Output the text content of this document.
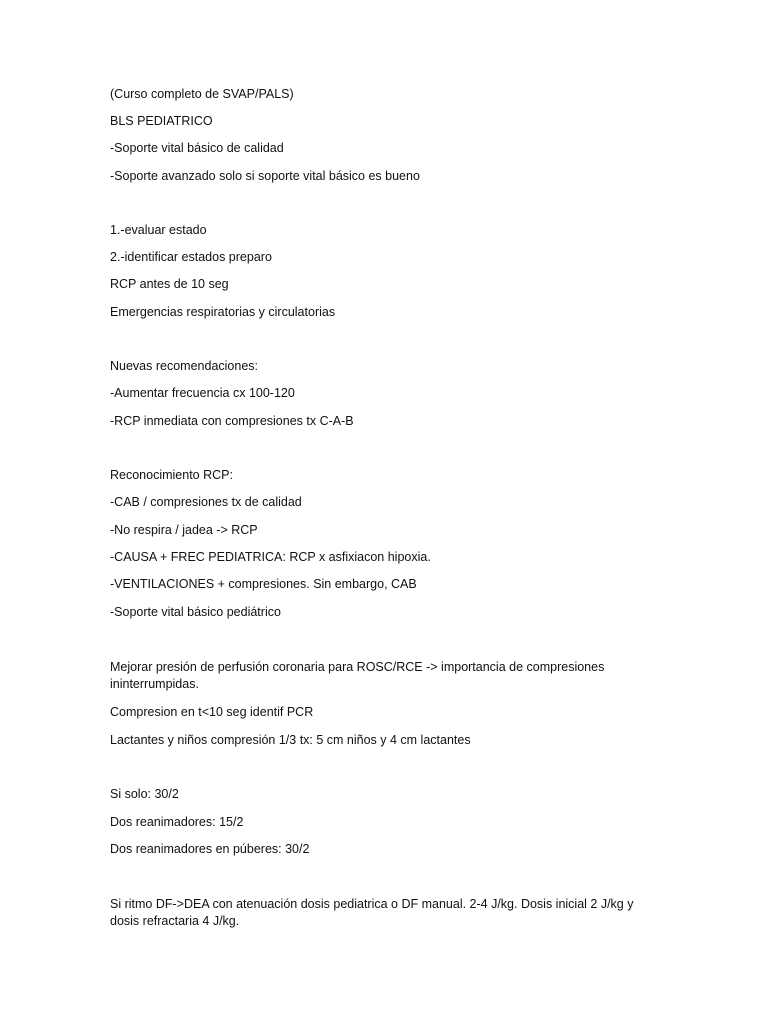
(Curso completo de SVAP/PALS)
BLS PEDIATRICO
-Soporte vital básico de calidad
-Soporte avanzado solo si soporte vital básico es bueno
1.-evaluar estado
2.-identificar estados preparo
RCP antes de 10 seg
Emergencias respiratorias y circulatorias
Nuevas recomendaciones:
-Aumentar frecuencia cx 100-120
-RCP inmediata con compresiones tx C-A-B
Reconocimiento RCP:
-CAB / compresiones tx de calidad
-No respira / jadea -> RCP
-CAUSA + FREC PEDIATRICA: RCP x asfixiacon hipoxia.
-VENTILACIONES + compresiones. Sin embargo, CAB
-Soporte vital básico pediátrico
Mejorar presión de perfusión coronaria para ROSC/RCE -> importancia de compresiones ininterrumpidas.
Compresion en t<10 seg identif PCR
Lactantes y niños compresión 1/3 tx: 5 cm niños y 4 cm lactantes
Si solo: 30/2
Dos reanimadores: 15/2
Dos reanimadores en púberes: 30/2
Si ritmo DF->DEA con atenuación dosis pediatrica o DF manual. 2-4 J/kg. Dosis inicial 2 J/kg y dosis refractaria 4 J/kg.
